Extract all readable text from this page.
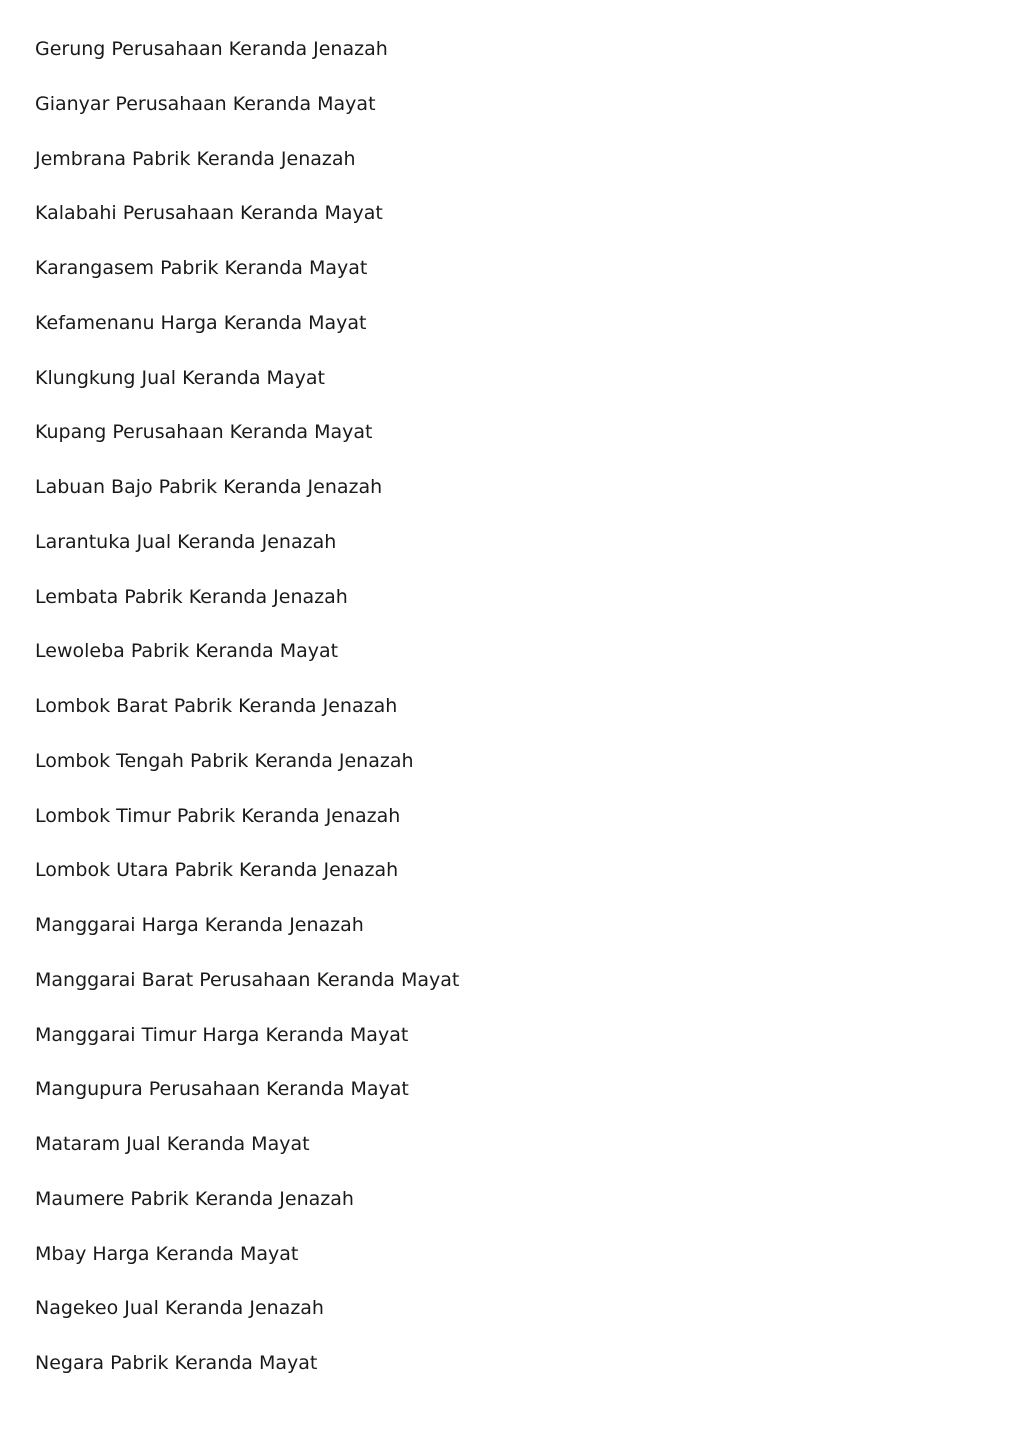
Gerung Perusahaan Keranda Jenazah
Gianyar Perusahaan Keranda Mayat
Jembrana Pabrik Keranda Jenazah
Kalabahi Perusahaan Keranda Mayat
Karangasem Pabrik Keranda Mayat
Kefamenanu Harga Keranda Mayat
Klungkung Jual Keranda Mayat
Kupang Perusahaan Keranda Mayat
Labuan Bajo Pabrik Keranda Jenazah
Larantuka Jual Keranda Jenazah
Lembata Pabrik Keranda Jenazah
Lewoleba Pabrik Keranda Mayat
Lombok Barat Pabrik Keranda Jenazah
Lombok Tengah Pabrik Keranda Jenazah
Lombok Timur Pabrik Keranda Jenazah
Lombok Utara Pabrik Keranda Jenazah
Manggarai Harga Keranda Jenazah
Manggarai Barat Perusahaan Keranda Mayat
Manggarai Timur Harga Keranda Mayat
Mangupura Perusahaan Keranda Mayat
Mataram Jual Keranda Mayat
Maumere Pabrik Keranda Jenazah
Mbay Harga Keranda Mayat
Nagekeo Jual Keranda Jenazah
Negara Pabrik Keranda Mayat
